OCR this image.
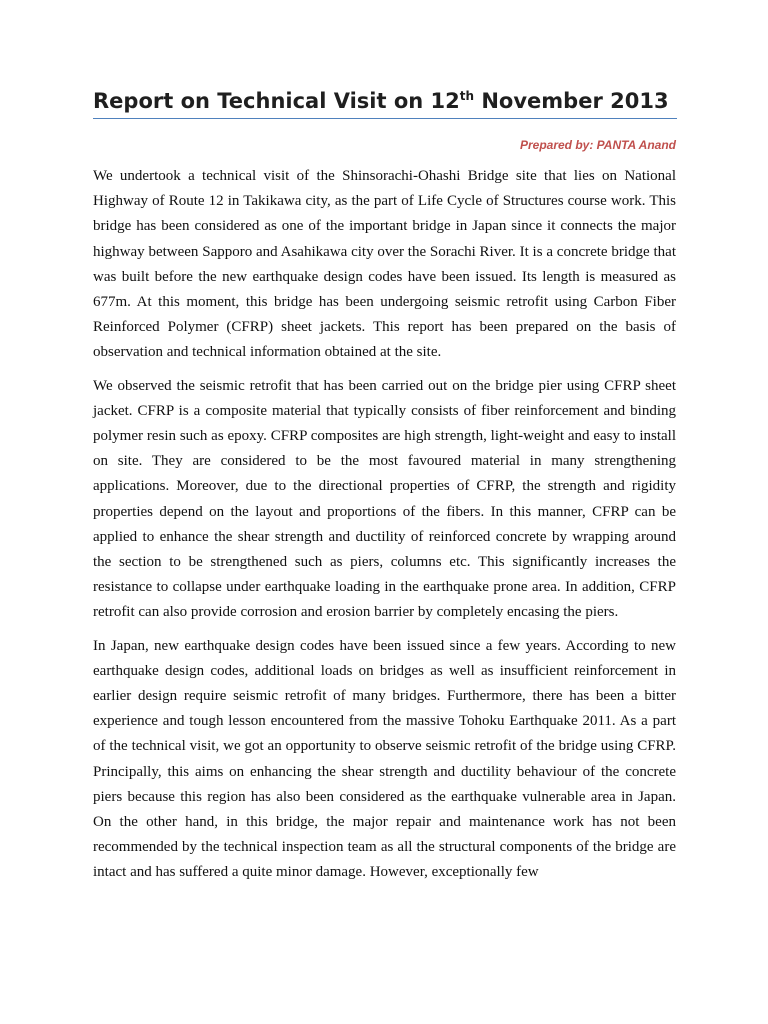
Report on Technical Visit on 12th November 2013

Prepared by: PANTA Anand

We undertook a technical visit of the Shinsorachi-Ohashi Bridge site that lies on National Highway of Route 12 in Takikawa city, as the part of Life Cycle of Structures course work. This bridge has been considered as one of the important bridge in Japan since it connects the major highway between Sapporo and Asahikawa city over the Sorachi River. It is a concrete bridge that was built before the new earthquake design codes have been issued. Its length is measured as 677m. At this moment, this bridge has been undergoing seismic retrofit using Carbon Fiber Reinforced Polymer (CFRP) sheet jackets. This report has been prepared on the basis of observation and technical information obtained at the site.

We observed the seismic retrofit that has been carried out on the bridge pier using CFRP sheet jacket. CFRP is a composite material that typically consists of fiber reinforcement and binding polymer resin such as epoxy. CFRP composites are high strength, light-weight and easy to install on site. They are considered to be the most favoured material in many strengthening applications. Moreover, due to the directional properties of CFRP, the strength and rigidity properties depend on the layout and proportions of the fibers. In this manner, CFRP can be applied to enhance the shear strength and ductility of reinforced concrete by wrapping around the section to be strengthened such as piers, columns etc. This significantly increases the resistance to collapse under earthquake loading in the earthquake prone area. In addition, CFRP retrofit can also provide corrosion and erosion barrier by completely encasing the piers.

In Japan, new earthquake design codes have been issued since a few years. According to new earthquake design codes, additional loads on bridges as well as insufficient reinforcement in earlier design require seismic retrofit of many bridges. Furthermore, there has been a bitter experience and tough lesson encountered from the massive Tohoku Earthquake 2011. As a part of the technical visit, we got an opportunity to observe seismic retrofit of the bridge using CFRP. Principally, this aims on enhancing the shear strength and ductility behaviour of the concrete piers because this region has also been considered as the earthquake vulnerable area in Japan. On the other hand, in this bridge, the major repair and maintenance work has not been recommended by the technical inspection team as all the structural components of the bridge are intact and has suffered a quite minor damage. However, exceptionally few
